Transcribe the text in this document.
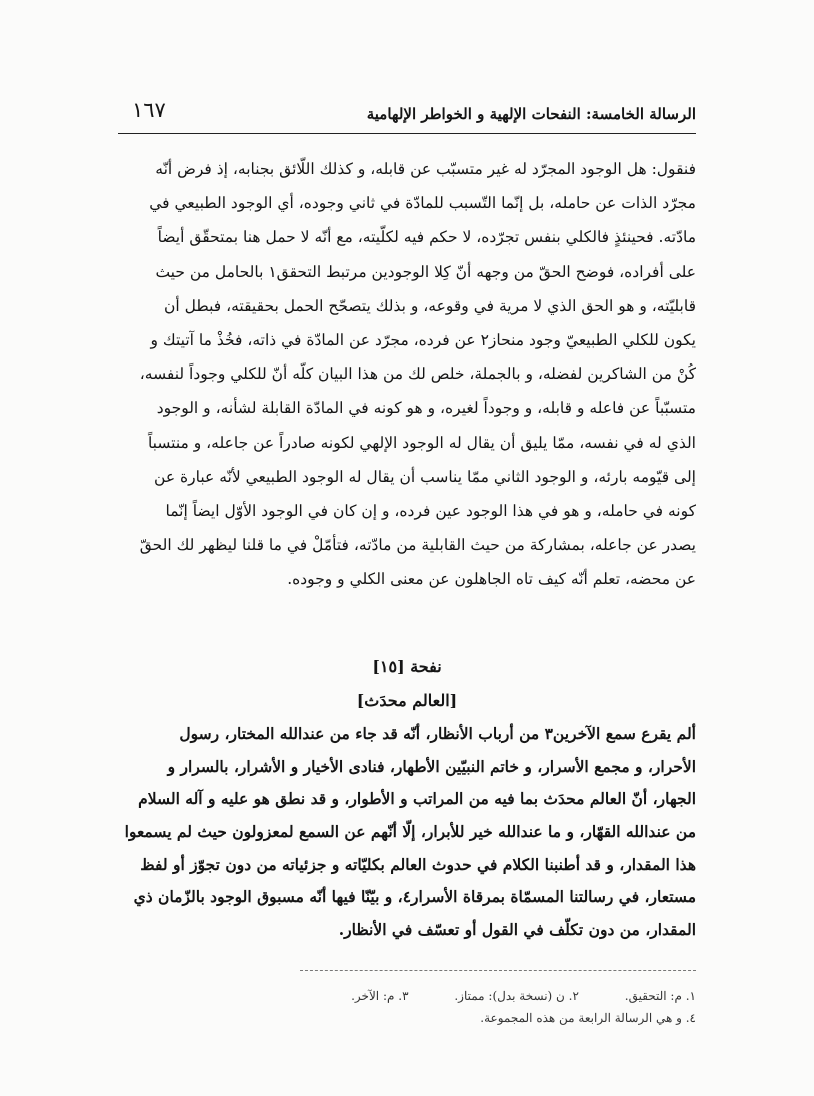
الرسالة الخامسة: النفحات الإلهية و الخواطر الإلهامية
١٦٧
فنقول: هل الوجود المجرّد له غير متسبّب عن قابله، و كذلك اللّائق بجنابه، إذ فرض أنّه
مجرّد الذات عن حامله، بل إنّما التّسبب للمادّة في ثاني وجوده، أي الوجود الطبيعي في
مادّته. فحينئذٍ فالكلي بنفس تجرّده، لا حكم فيه لكلّيته، مع أنّه لا حمل هنا بمتحقّق أيضاً
على أفراده، فوضح الحقّ من وجهه أنّ كِلا الوجودين مرتبط التحقق١ بالحامل من حيث
قابليّته، و هو الحق الذي لا مرية في وقوعه، و بذلك يتصحّح الحمل بحقيقته، فبطل أن
يكون للكلي الطبيعيّ وجود منحاز٢ عن فرده، مجرّد عن المادّة في ذاته، فخُذْ ما آتيتك و
كُنْ من الشاكرين لفضله، و بالجملة، خلص لك من هذا البيان كلّه أنّ للكلي وجوداً لنفسه،
متسبّباً عن فاعله و قابله، و وجوداً لغيره، و هو كونه في المادّة القابلة لشأنه، و الوجود
الذي له في نفسه، ممّا يليق أن يقال له الوجود الإلهي لكونه صادراً عن جاعله، و منتسباً
إلى قيّومه بارئه، و الوجود الثاني ممّا يناسب أن يقال له الوجود الطبيعي لأنّه عبارة عن
كونه في حامله، و هو في هذا الوجود عين فرده، و إن كان في الوجود الأوّل ايضاً إنّما
يصدر عن جاعله، بمشاركة من حيث القابلية من مادّته، فتأمّلْ في ما قلنا ليظهر لك الحقّ
عن محضه، تعلم أنّه كيف تاه الجاهلون عن معنى الكلي و وجوده.
نفحة [١٥]
[العالم محدَث]
ألم يقرع سمع الآخرين٣ من أرباب الأنظار، أنّه قد جاء من عندالله المختار، رسول
الأحرار، و مجمع الأسرار، و خاتم النبيّين الأطهار، فنادى الأخيار و الأشرار، بالسرار و
الجهار، أنّ العالم محدَث بما فيه من المراتب و الأطوار، و قد نطق هو عليه و آله السلام
من عندالله القهّار، و ما عندالله خير للأبرار، إلّا أنّهم عن السمع لمعزولون حيث لم يسمعوا
هذا المقدار، و قد أطنبنا الكلام في حدوث العالم بكليّاته و جزئياته من دون تجوّز أو لفظ
مستعار، في رسالتنا المسمّاة بمرقاة الأسرار٤، و بيّنّا فيها أنّه مسبوق الوجود بالزّمان ذي
المقدار، من دون تكلّف في القول أو تعسّف في الأنظار.
١. م: التحقيق. ٢. ن (نسخة بدل): ممتاز. ٣. م: الآخر.
٤. و هي الرسالة الرابعة من هذه المجموعة.
